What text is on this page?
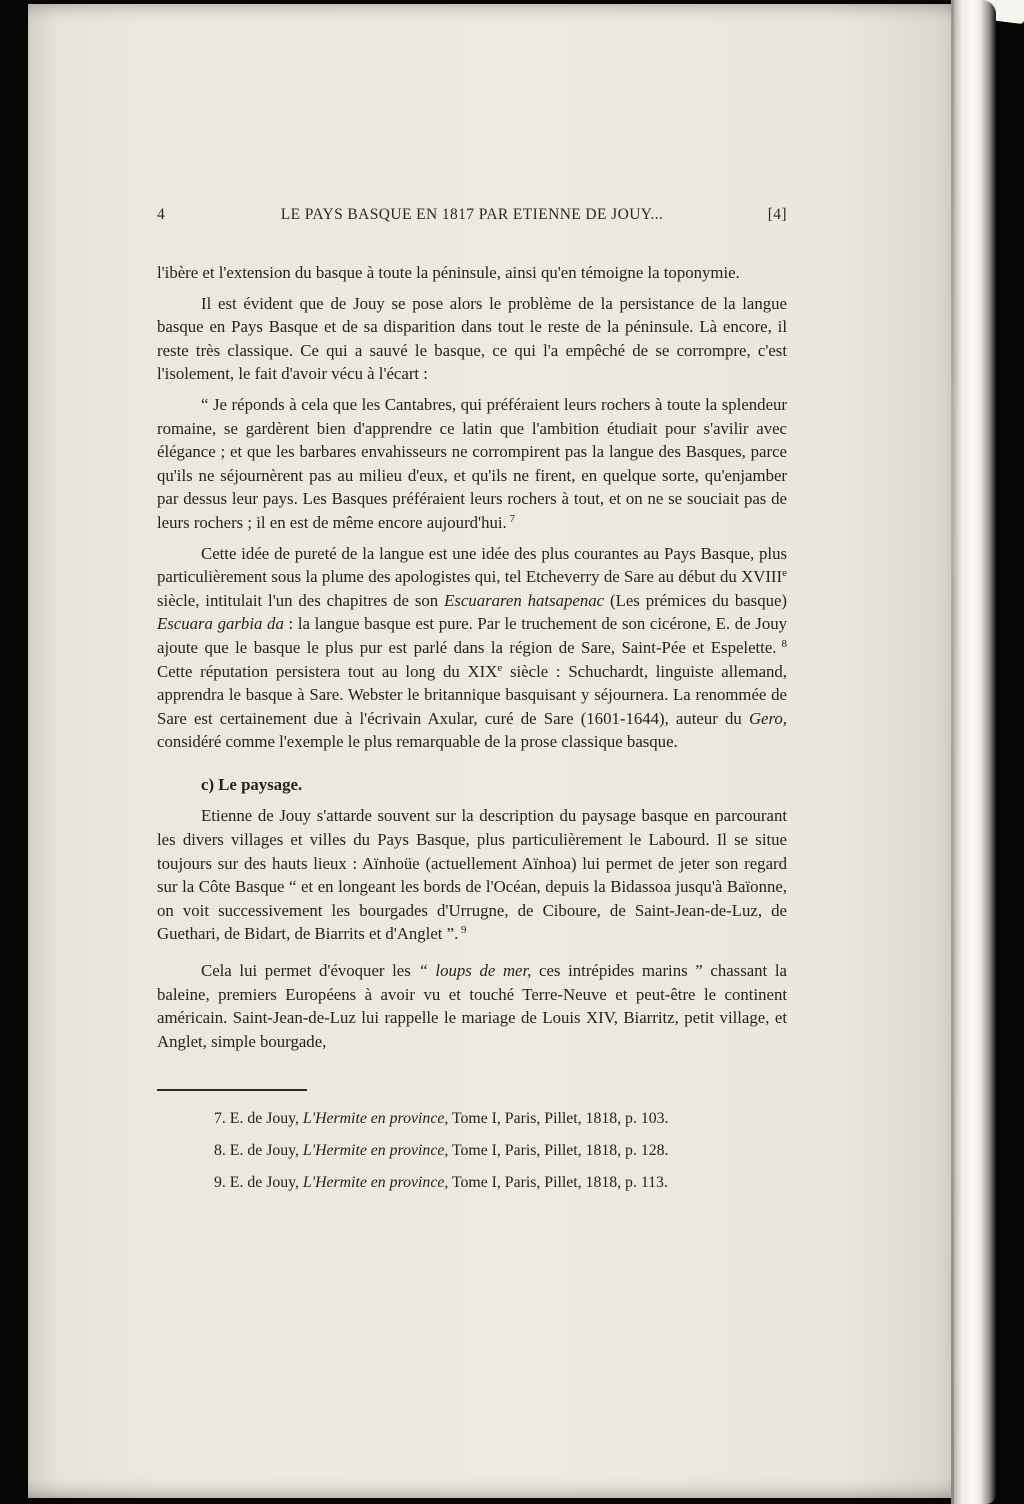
4	LE PAYS BASQUE EN 1817 PAR ETIENNE DE JOUY...	[4]

l'ibère et l'extension du basque à toute la péninsule, ainsi qu'en témoigne la toponymie.

Il est évident que de Jouy se pose alors le problème de la persistance de la langue basque en Pays Basque et de sa disparition dans tout le reste de la péninsule. Là encore, il reste très classique. Ce qui a sauvé le basque, ce qui l'a empêché de se corrompre, c'est l'isolement, le fait d'avoir vécu à l'écart :

“ Je réponds à cela que les Cantabres, qui préféraient leurs rochers à toute la splendeur romaine, se gardèrent bien d'apprendre ce latin que l'ambition étudiait pour s'avilir avec élégance ; et que les barbares envahisseurs ne corrompirent pas la langue des Basques, parce qu'ils ne séjournèrent pas au milieu d'eux, et qu'ils ne firent, en quelque sorte, qu'enjamber par dessus leur pays. Les Basques préféraient leurs rochers à tout, et on ne se souciait pas de leurs rochers ; il en est de même encore aujourd'hui. $^7$

Cette idée de pureté de la langue est une idée des plus courantes au Pays Basque, plus particulièrement sous la plume des apologistes qui, tel Etcheverry de Sare au début du XVIIIe siècle, intitulait l'un des chapitres de son Escuararen hatsapenac (Les prémices du basque) Escuara garbia da : la langue basque est pure. Par le truchement de son cicérone, E. de Jouy ajoute que le basque le plus pur est parlé dans la région de Sare, Saint-Pée et Espelette. $^8$ Cette réputation persistera tout au long du XIXe siècle : Schuchardt, linguiste allemand, apprendra le basque à Sare. Webster le britannique basquisant y séjournera. La renommée de Sare est certainement due à l'écrivain Axular, curé de Sare (1601-1644), auteur du Gero, considéré comme l'exemple le plus remarquable de la prose classique basque.

c) Le paysage.

Etienne de Jouy s'attarde souvent sur la description du paysage basque en parcourant les divers villages et villes du Pays Basque, plus particulièrement le Labourd. Il se situe toujours sur des hauts lieux : Aïnhoüe (actuellement Aïnhoa) lui permet de jeter son regard sur la Côte Basque “ et en longeant les bords de l'Océan, depuis la Bidassoa jusqu'à Baïonne, on voit successivement les bourgades d'Urrugne, de Ciboure, de Saint-Jean-de-Luz, de Guethari, de Bidart, de Biarrits et d'Anglet ”. $^9$

Cela lui permet d'évoquer les “ loups de mer, ces intrépides marins ” chassant la baleine, premiers Européens à avoir vu et touché Terre-Neuve et peut-être le continent américain. Saint-Jean-de-Luz lui rappelle le mariage de Louis XIV, Biarritz, petit village, et Anglet, simple bourgade,

7. E. de Jouy, L'Hermite en province, Tome I, Paris, Pillet, 1818, p. 103.
8. E. de Jouy, L'Hermite en province, Tome I, Paris, Pillet, 1818, p. 128.
9. E. de Jouy, L'Hermite en province, Tome I, Paris, Pillet, 1818, p. 113.
